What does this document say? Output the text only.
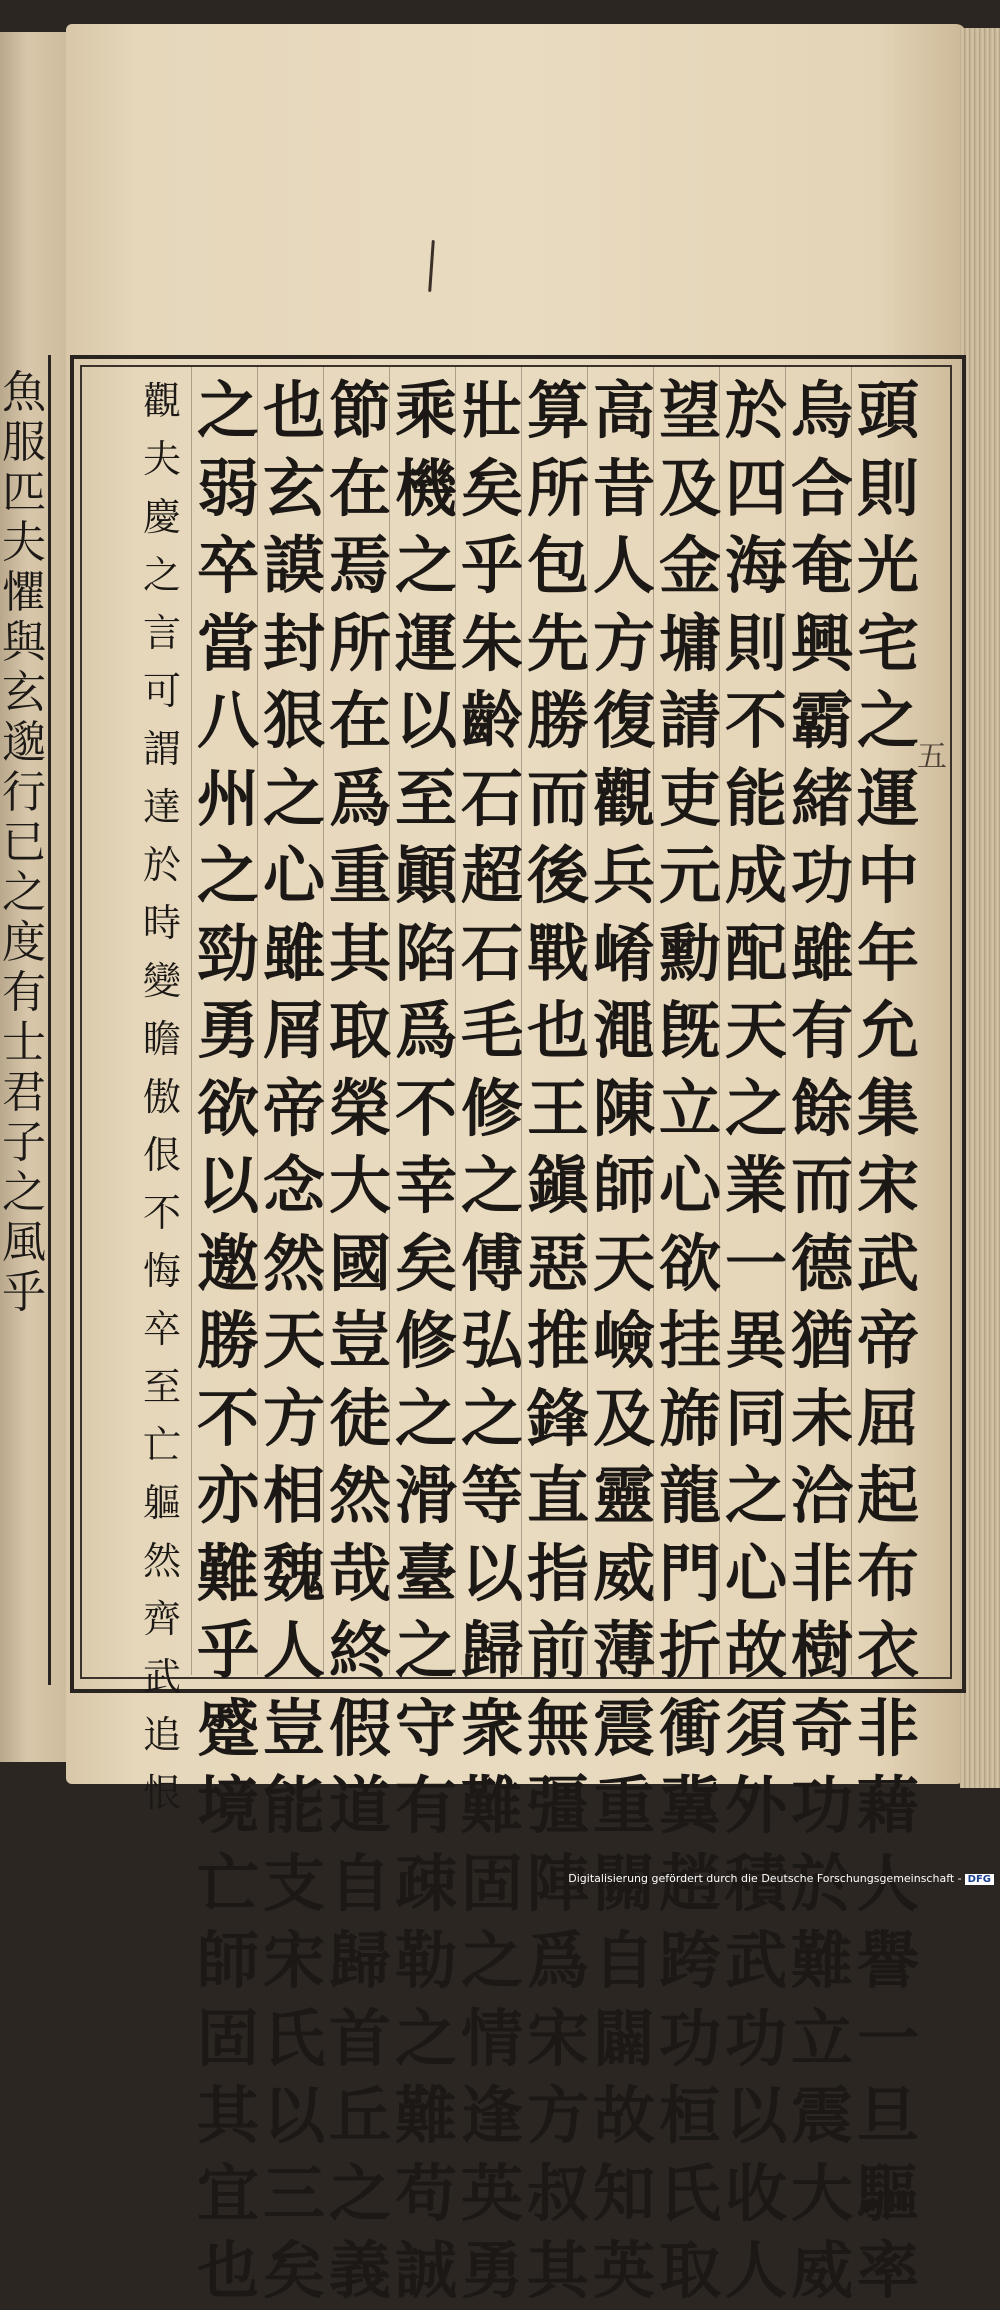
魚
服
匹
夫
懼
與
玄
邈
行
已
之
度
有
士
君
子
之
風
乎
頭
則
光
宅
之
運
中
年
允
集
宋
武
帝
屈
起
布
衣
非
藉
人
譽
一
旦
驅
率
烏
合
奄
興
霸
緒
功
雖
有
餘
而
德
猶
未
洽
非
樹
奇
功
於
難
立
震
大
威
於
四
海
則
不
能
成
配
天
之
業
一
異
同
之
心
故
須
外
積
武
功
以
收
人
望
及
金
墉
請
吏
元
勳
旣
立
心
欲
挂
旆
龍
門
折
衝
冀
趙
跨
功
桓
氏
取
高
昔
人
方
復
觀
兵
崤
澠
陳
師
天
嶮
及
靈
威
薄
震
重
關
自
闢
故
知
英
算
所
包
先
勝
而
後
戰
也
王
鎭
惡
推
鋒
直
指
前
無
彊
陣
爲
宋
方
叔
其
壯
矣
乎
朱
齡
石
超
石
毛
修
之
傅
弘
之
等
以
歸
衆
難
固
之
情
逢
英
勇
乘
機
之
運
以
至
顚
陷
爲
不
幸
矣
修
之
滑
臺
之
守
有
疎
勒
之
難
苟
誠
節
在
焉
所
在
爲
重
其
取
榮
大
國
豈
徒
然
哉
終
假
道
自
歸
首
丘
之
義
也
玄
謨
封
狠
之
心
雖
屑
帝
念
然
天
方
相
魏
人
豈
能
支
宋
氏
以
三
矣
之
弱
卒
當
八
州
之
勁
勇
欲
以
邀
勝
不
亦
難
乎
蹙
境
亡
師
固
其
宜
也
觀
夫
慶
之
言
可
謂
達
於
時
變
瞻
傲
佷
不
悔
卒
至
亡
軀
然
齊
武
追
恨
五
Digitalisierung gefördert durch die Deutsche Forschungsgemeinschaft - DFG
